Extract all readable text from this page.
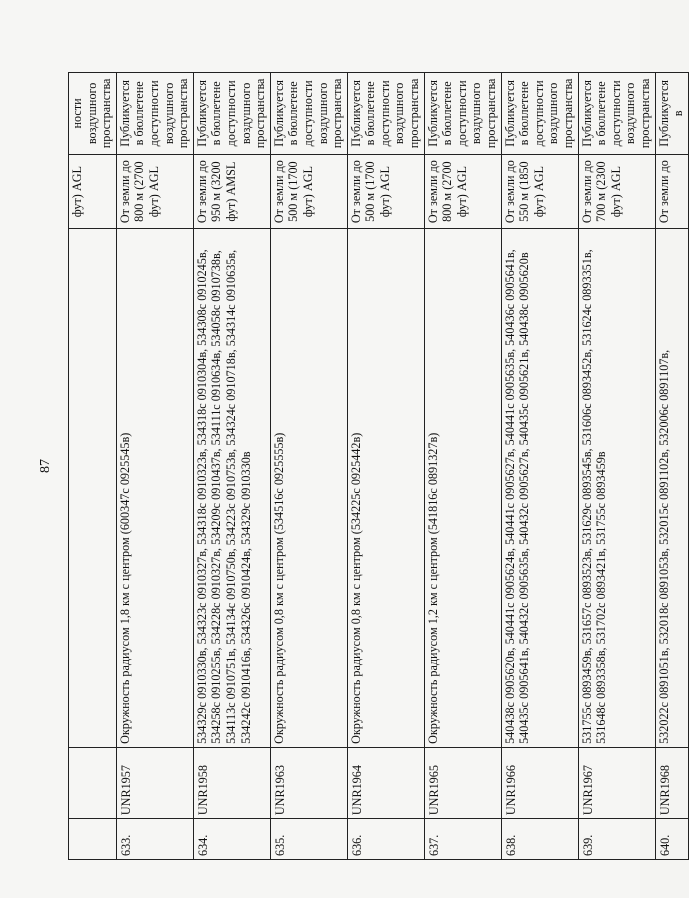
87
			фут) AGL	ности воздушного пространства
633.	UNR1957	Окружность радиусом 1,8 км с центром (600347с 0925545в)	От земли до 800 м (2700 фут) AGL	Публикуется в бюллетене доступности воздушного пространства
634.	UNR1958	534329с 0910330в, 534323с 0910327в, 534318с 0910323в, 534318с 0910304в, 534308с 0910245в, 534258с 0910255в, 534228с 0910327в, 534209с 0910437в, 534111с 0910634в, 534058с 0910738в, 534113с 0910751в, 534134с 0910750в, 534223с 0910753в, 534324с 0910718в, 534314с 0910635в, 534242с 0910416в, 534326с 0910424в, 534329с 0910330в	От земли до 950 м (3200 фут) AMSL	Публикуется в бюллетене доступности воздушного пространства
635.	UNR1963	Окружность радиусом 0,8 км с центром (534516с 0925555в)	От земли до 500 м (1700 фут) AGL	Публикуется в бюллетене доступности воздушного пространства
636.	UNR1964	Окружность радиусом 0,8 км с центром (534225с 0925442в)	От земли до 500 м (1700 фут) AGL	Публикуется в бюллетене доступности воздушного пространства
637.	UNR1965	Окружность радиусом 1,2 км с центром (541816с 0891327в)	От земли до 800 м (2700 фут) AGL	Публикуется в бюллетене доступности воздушного пространства
638.	UNR1966	540438с 0905620в, 540441с 0905624в, 540441с 0905627в, 540441с 0905635в, 540436с 0905641в, 540435с 0905641в, 540432с 0905635в, 540432с 0905627в, 540435с 0905621в, 540438с 0905620в	От земли до 550 м (1850 фут) AGL	Публикуется в бюллетене доступности воздушного пространства
639.	UNR1967	531755с 0893459в, 531657с 0893523в, 531629с 0893545в, 531606с 0893452в, 531624с 0893351в, 531648с 0893358в, 531702с 0893421в, 531755с 0893459в	От земли до 700 м (2300 фут) AGL	Публикуется в бюллетене доступности воздушного пространства
640.	UNR1968	532022с 0891051в, 532018с 0891053в, 532015с 0891102в, 532006с 0891107в,	От земли до	Публикуется в
